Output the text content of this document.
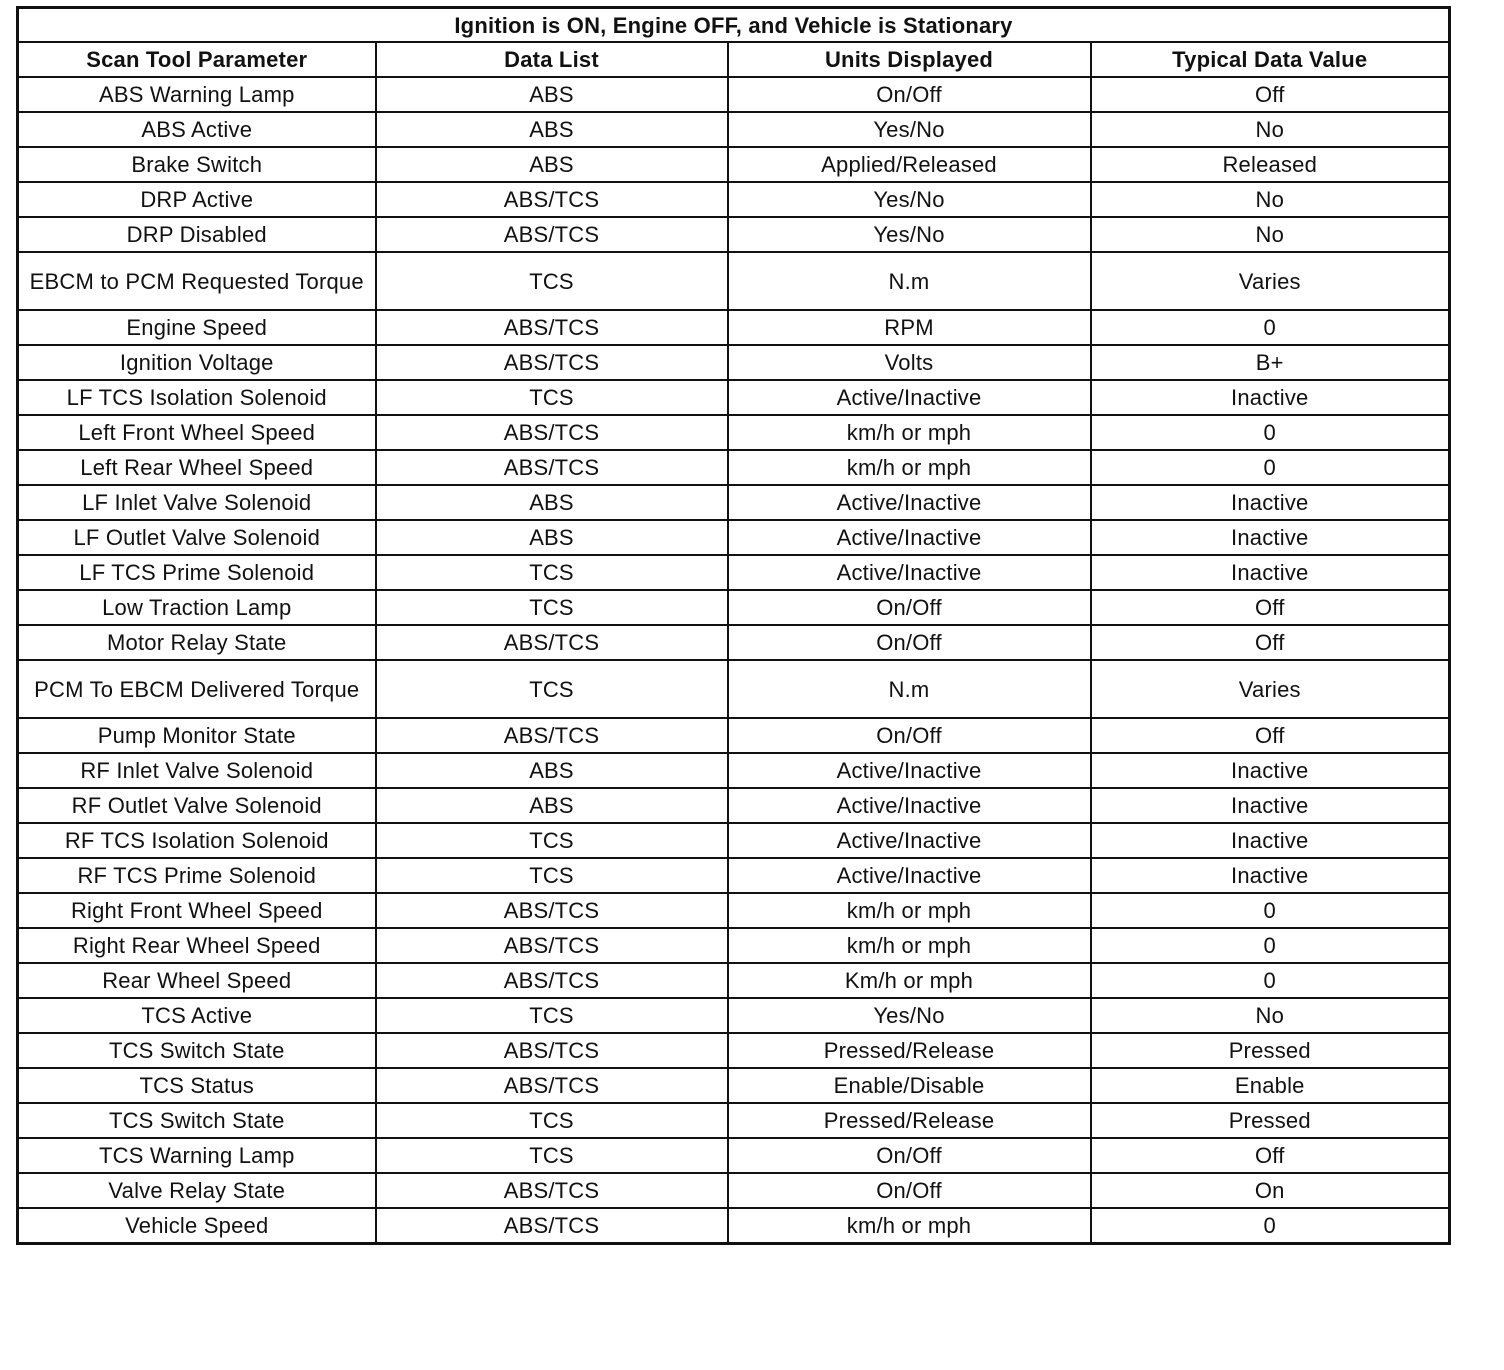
Ignition is ON, Engine OFF, and Vehicle is Stationary			
Scan Tool Parameter	Data List	Units Displayed	Typical Data Value
ABS Warning Lamp	ABS	On/Off	Off
ABS Active	ABS	Yes/No	No
Brake Switch	ABS	Applied/Released	Released
DRP Active	ABS/TCS	Yes/No	No
DRP Disabled	ABS/TCS	Yes/No	No
EBCM to PCM Requested Torque	TCS	N.m	Varies
Engine Speed	ABS/TCS	RPM	0
Ignition Voltage	ABS/TCS	Volts	B+
LF TCS Isolation Solenoid	TCS	Active/Inactive	Inactive
Left Front Wheel Speed	ABS/TCS	km/h or mph	0
Left Rear Wheel Speed	ABS/TCS	km/h or mph	0
LF Inlet Valve Solenoid	ABS	Active/Inactive	Inactive
LF Outlet Valve Solenoid	ABS	Active/Inactive	Inactive
LF TCS Prime Solenoid	TCS	Active/Inactive	Inactive
Low Traction Lamp	TCS	On/Off	Off
Motor Relay State	ABS/TCS	On/Off	Off
PCM To EBCM Delivered Torque	TCS	N.m	Varies
Pump Monitor State	ABS/TCS	On/Off	Off
RF Inlet Valve Solenoid	ABS	Active/Inactive	Inactive
RF Outlet Valve Solenoid	ABS	Active/Inactive	Inactive
RF TCS Isolation Solenoid	TCS	Active/Inactive	Inactive
RF TCS Prime Solenoid	TCS	Active/Inactive	Inactive
Right Front Wheel Speed	ABS/TCS	km/h or mph	0
Right Rear Wheel Speed	ABS/TCS	km/h or mph	0
Rear Wheel Speed	ABS/TCS	Km/h or mph	0
TCS Active	TCS	Yes/No	No
TCS Switch State	ABS/TCS	Pressed/Release	Pressed
TCS Status	ABS/TCS	Enable/Disable	Enable
TCS Switch State	TCS	Pressed/Release	Pressed
TCS Warning Lamp	TCS	On/Off	Off
Valve Relay State	ABS/TCS	On/Off	On
Vehicle Speed	ABS/TCS	km/h or mph	0
